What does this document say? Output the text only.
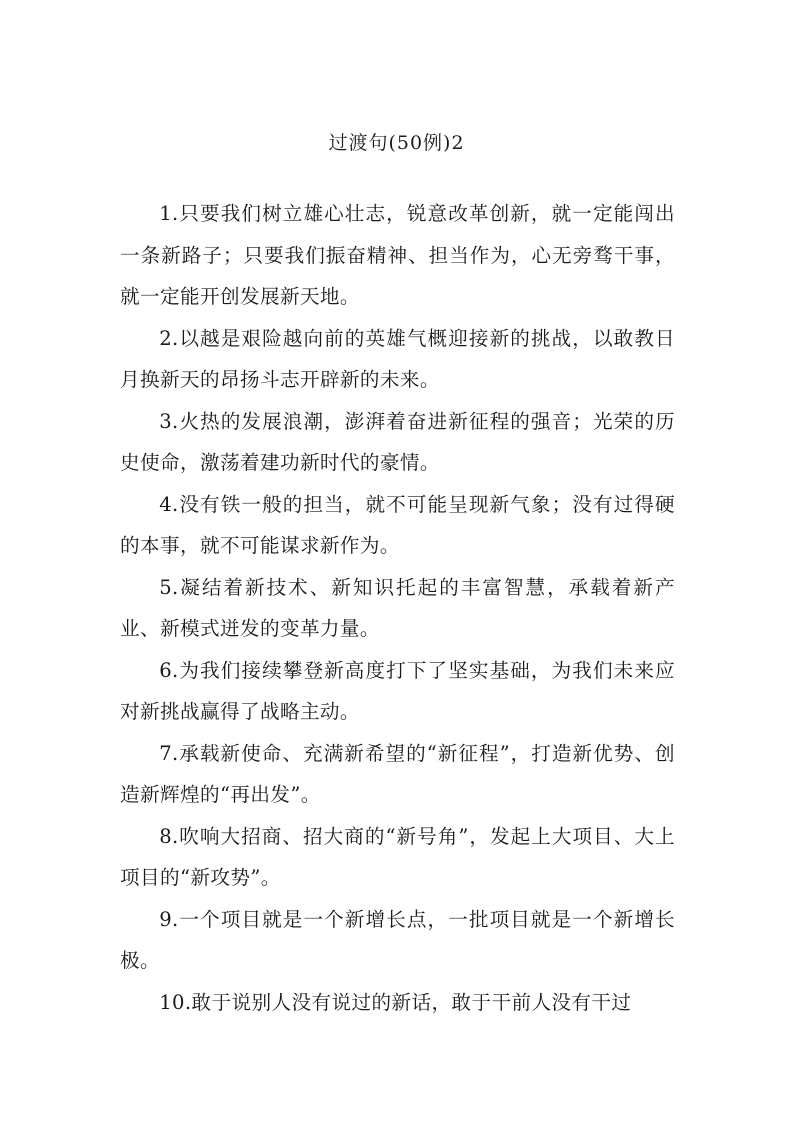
过渡句(50例)2

1.只要我们树立雄心壮志，锐意改革创新，就一定能闯出一条新路子；只要我们振奋精神、担当作为，心无旁骛干事，就一定能开创发展新天地。

2.以越是艰险越向前的英雄气概迎接新的挑战，以敢教日月换新天的昂扬斗志开辟新的未来。

3.火热的发展浪潮，澎湃着奋进新征程的强音；光荣的历史使命，激荡着建功新时代的豪情。

4.没有铁一般的担当，就不可能呈现新气象；没有过得硬的本事，就不可能谋求新作为。

5.凝结着新技术、新知识托起的丰富智慧，承载着新产业、新模式迸发的变革力量。

6.为我们接续攀登新高度打下了坚实基础，为我们未来应对新挑战赢得了战略主动。

7.承载新使命、充满新希望的“新征程”，打造新优势、创造新辉煌的“再出发”。

8.吹响大招商、招大商的“新号角”，发起上大项目、大上项目的“新攻势”。

9.一个项目就是一个新增长点，一批项目就是一个新增长极。

10.敢于说别人没有说过的新话，敢于干前人没有干过
